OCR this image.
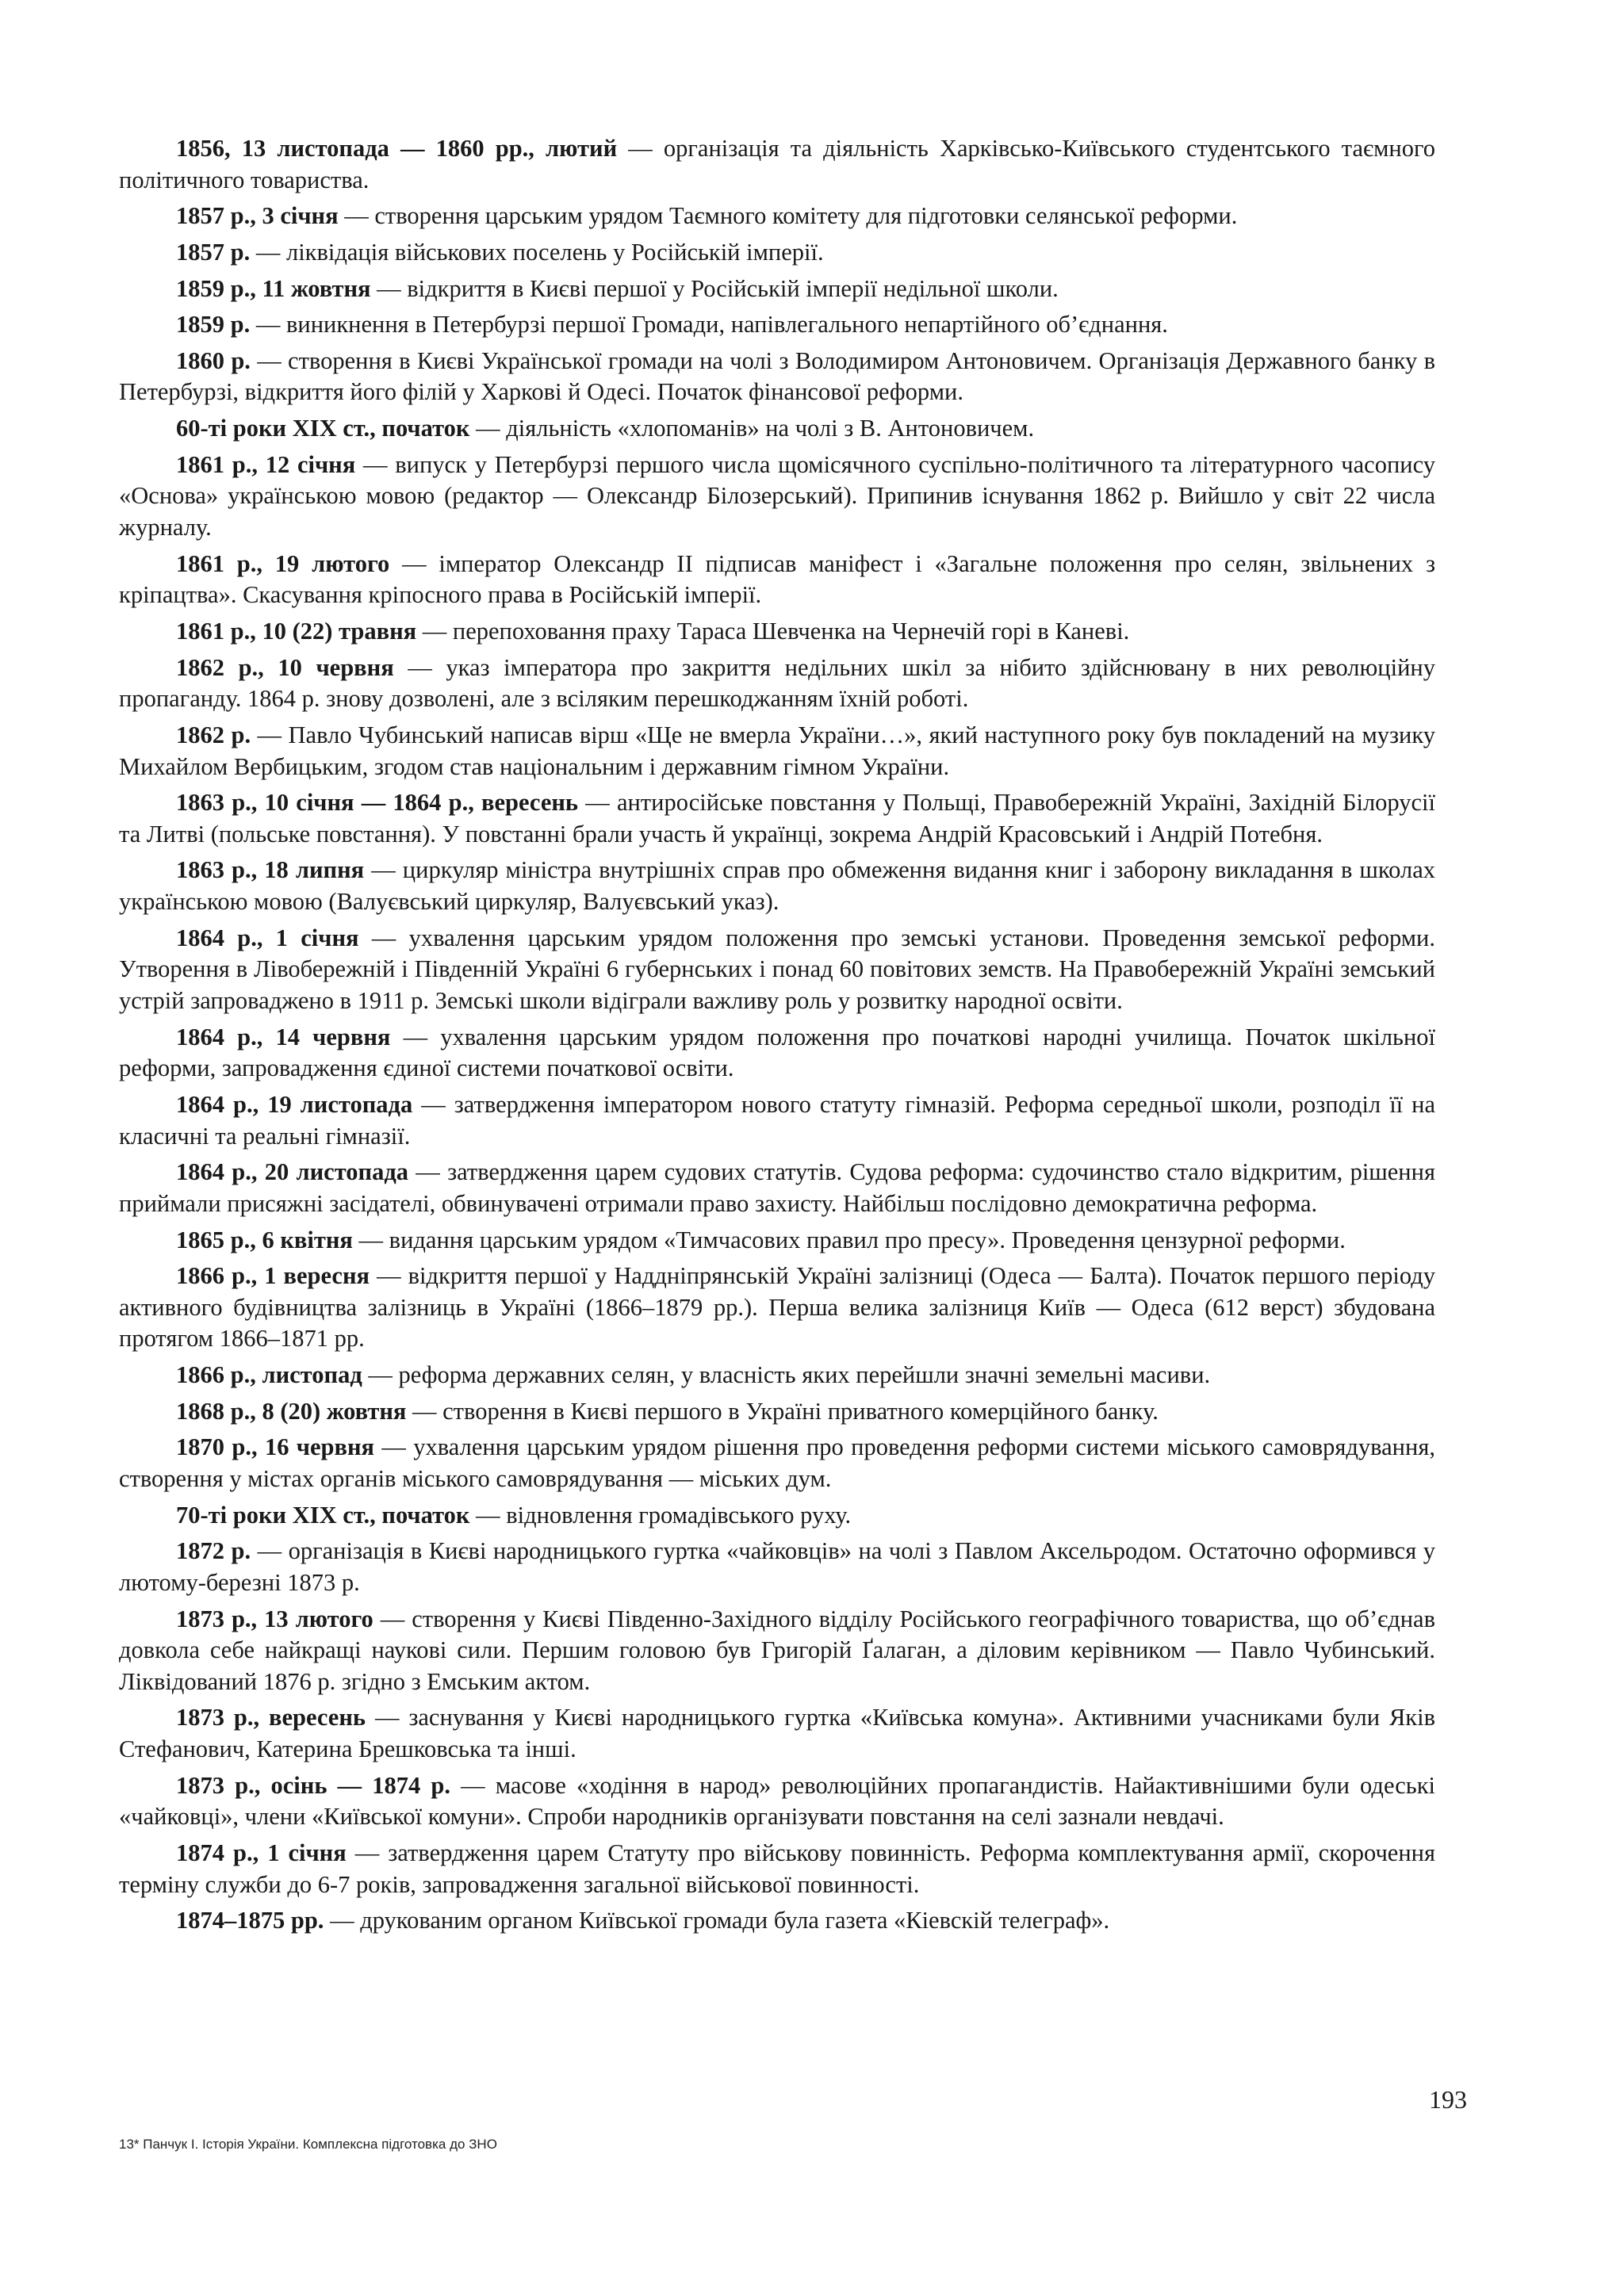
1856, 13 листопада — 1860 рр., лютий — організація та діяльність Харківсько-Київського студентського таємного політичного товариства.

1857 р., 3 січня — створення царським урядом Таємного комітету для підготовки селянської реформи.

1857 р. — ліквідація військових поселень у Російській імперії.

1859 р., 11 жовтня — відкриття в Києві першої у Російській імперії недільної школи.

1859 р. — виникнення в Петербурзі першої Громади, напівлегального непартійного об’єднання.

1860 р. — створення в Києві Української громади на чолі з Володимиром Антоновичем. Організація Державного банку в Петербурзі, відкриття його філій у Харкові й Одесі. Початок фінансової реформи.

60-ті роки XIX ст., початок — діяльність «хлопоманів» на чолі з В. Антоновичем.

1861 р., 12 січня — випуск у Петербурзі першого числа щомісячного суспільно-політичного та літературного часопису «Основа» українською мовою (редактор — Олександр Білозерський). Припинив існування 1862 р. Вийшло у світ 22 числа журналу.

1861 р., 19 лютого — імператор Олександр II підписав маніфест і «Загальне положення про селян, звільнених з кріпацтва». Скасування кріпосного права в Російській імперії.

1861 р., 10 (22) травня — перепоховання праху Тараса Шевченка на Чернечій горі в Каневі.

1862 р., 10 червня — указ імператора про закриття недільних шкіл за нібито здійснювану в них революційну пропаганду. 1864 р. знову дозволені, але з всіляким перешкоджанням їхній роботі.

1862 р. — Павло Чубинський написав вірш «Ще не вмерла України…», який наступного року був покладений на музику Михайлом Вербицьким, згодом став національним і державним гімном України.

1863 р., 10 січня — 1864 р., вересень — антиросійське повстання у Польщі, Правобережній Україні, Західній Білорусії та Литві (польське повстання). У повстанні брали участь й українці, зокрема Андрій Красовський і Андрій Потебня.

1863 р., 18 липня — циркуляр міністра внутрішніх справ про обмеження видання книг і заборону викладання в школах українською мовою (Валуєвський циркуляр, Валуєвський указ).

1864 р., 1 січня — ухвалення царським урядом положення про земські установи. Проведення земської реформи. Утворення в Лівобережній і Південній Україні 6 губернських і понад 60 повітових земств. На Правобережній Україні земський устрій запроваджено в 1911 р. Земські школи відіграли важливу роль у розвитку народної освіти.

1864 р., 14 червня — ухвалення царським урядом положення про початкові народні училища. Початок шкільної реформи, запровадження єдиної системи початкової освіти.

1864 р., 19 листопада — затвердження імператором нового статуту гімназій. Реформа середньої школи, розподіл її на класичні та реальні гімназії.

1864 р., 20 листопада — затвердження царем судових статутів. Судова реформа: судочинство стало відкритим, рішення приймали присяжні засідателі, обвинувачені отримали право захисту. Найбільш послідовно демократична реформа.

1865 р., 6 квітня — видання царським урядом «Тимчасових правил про пресу». Проведення цензурної реформи.

1866 р., 1 вересня — відкриття першої у Наддніпрянській Україні залізниці (Одеса — Балта). Початок першого періоду активного будівництва залізниць в Україні (1866–1879 рр.). Перша велика залізниця Київ — Одеса (612 верст) збудована протягом 1866–1871 рр.

1866 р., листопад — реформа державних селян, у власність яких перейшли значні земельні масиви.

1868 р., 8 (20) жовтня — створення в Києві першого в Україні приватного комерційного банку.

1870 р., 16 червня — ухвалення царським урядом рішення про проведення реформи системи міського самоврядування, створення у містах органів міського самоврядування — міських дум.

70-ті роки XIX ст., початок — відновлення громадівського руху.

1872 р. — організація в Києві народницького гуртка «чайковців» на чолі з Павлом Аксельродом. Остаточно оформився у лютому-березні 1873 р.

1873 р., 13 лютого — створення у Києві Південно-Західного відділу Російського географічного товариства, що об’єднав довкола себе найкращі наукові сили. Першим головою був Григорій Ґалаган, а діловим керівником — Павло Чубинський. Ліквідований 1876 р. згідно з Емським актом.

1873 р., вересень — заснування у Києві народницького гуртка «Київська комуна». Активними учасниками були Яків Стефанович, Катерина Брешковська та інші.

1873 р., осінь — 1874 р. — масове «ходіння в народ» революційних пропагандистів. Найактивнішими були одеські «чайковці», члени «Київської комуни». Спроби народників організувати повстання на селі зазнали невдачі.

1874 р., 1 січня — затвердження царем Статуту про військову повинність. Реформа комплектування армії, скорочення терміну служби до 6-7 років, запровадження загальної військової повинності.

1874–1875 рр. — друкованим органом Київської громади була газета «Кіевскій телеграф».

193
13* Панчук І. Історія України. Комплексна підготовка до ЗНО
